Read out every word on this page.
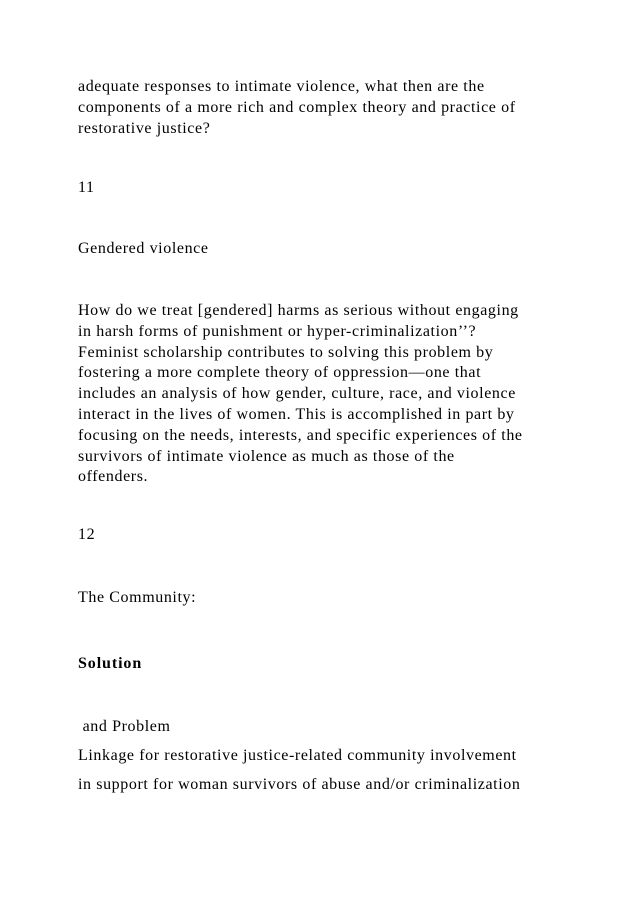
adequate responses to intimate violence, what then are the
components of a more rich and complex theory and practice of
restorative justice?
11
Gendered violence
How do we treat [gendered] harms as serious without engaging
in harsh forms of punishment or hyper-criminalization’’?
Feminist scholarship contributes to solving this problem by
fostering a more complete theory of oppression—one that
includes an analysis of how gender, culture, race, and violence
interact in the lives of women. This is accomplished in part by
focusing on the needs, interests, and specific experiences of the
survivors of intimate violence as much as those of the
offenders.
12
The Community:
Solution
and Problem
Linkage for restorative justice-related community involvement
in support for woman survivors of abuse and/or criminalization
